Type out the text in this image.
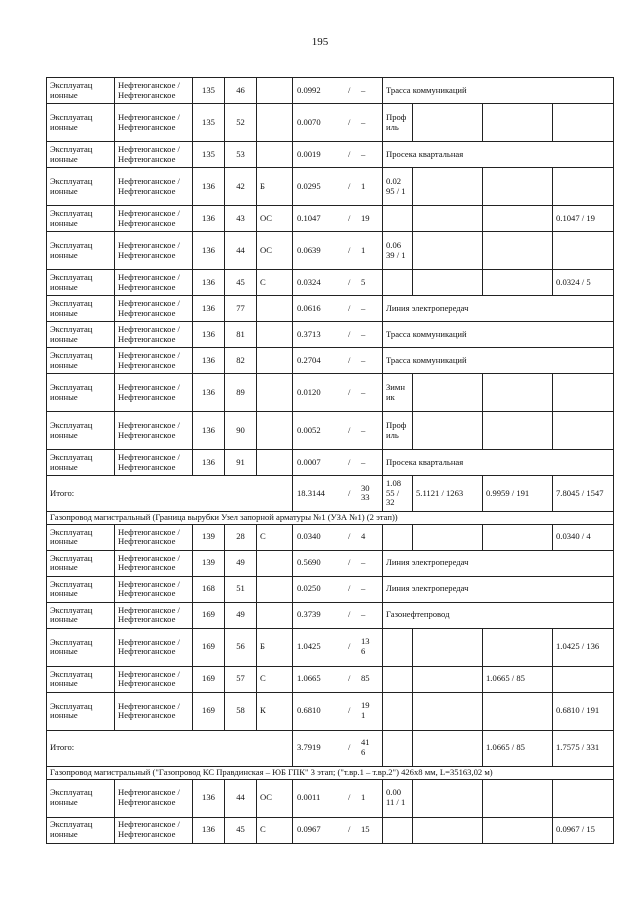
195
Эксплуатац ионные	Нефтеюганское / Нефтеюганское	135	46		0.0992 / –	Трасса коммуникаций			
Эксплуатац ионные	Нефтеюганское / Нефтеюганское	135	52		0.0070 / –	Профиль			
Эксплуатац ионные	Нефтеюганское / Нефтеюганское	135	53		0.0019 / –	Просека квартальная			
Эксплуатац ионные	Нефтеюганское / Нефтеюганское	136	42	Б	0.0295 / 1	0.02 95 / 1			
Эксплуатац ионные	Нефтеюганское / Нефтеюганское	136	43	ОС	0.1047 / 19				0.1047 / 19
Эксплуатац ионные	Нефтеюганское / Нефтеюганское	136	44	ОС	0.0639 / 1	0.06 39 / 1			
Эксплуатац ионные	Нефтеюганское / Нефтеюганское	136	45	С	0.0324 / 5				0.0324 / 5
Эксплуатац ионные	Нефтеюганское / Нефтеюганское	136	77		0.0616 / –	Линия электропередач			
Эксплуатац ионные	Нефтеюганское / Нефтеюганское	136	81		0.3713 / –	Трасса коммуникаций			
Эксплуатац ионные	Нефтеюганское / Нефтеюганское	136	82		0.2704 / –	Трасса коммуникаций			
Эксплуатац ионные	Нефтеюганское / Нефтеюганское	136	89		0.0120 / –	Зимник			
Эксплуатац ионные	Нефтеюганское / Нефтеюганское	136	90		0.0052 / –	Профиль			
Эксплуатац ионные	Нефтеюганское / Нефтеюганское	136	91		0.0007 / –	Просека квартальная			
Итого:					18.3144 / 30 33	1.08 55 / 32	5.1121 / 1263	0.9959 / 191	7.8045 / 1547
Газопровод магистральный (Граница вырубки Узел запорной арматуры №1 (УЗА №1) (2 этап))									
Эксплуатац ионные	Нефтеюганское / Нефтеюганское	139	28	С	0.0340 / 4				0.0340 / 4
Эксплуатац ионные	Нефтеюганское / Нефтеюганское	139	49		0.5690 / –	Линия электропередач			
Эксплуатац ионные	Нефтеюганское / Нефтеюганское	168	51		0.0250 / –	Линия электропередач			
Эксплуатац ионные	Нефтеюганское / Нефтеюганское	169	49		0.3739 / –	Газонефтепровод			
Эксплуатац ионные	Нефтеюганское / Нефтеюганское	169	56	Б	1.0425 / 13 6				1.0425 / 136
Эксплуатац ионные	Нефтеюганское / Нефтеюганское	169	57	С	1.0665 / 85			1.0665 / 85	
Эксплуатац ионные	Нефтеюганское / Нефтеюганское	169	58	К	0.6810 / 19 1				0.6810 / 191
Итого:					3.7919 / 41 6			1.0665 / 85	1.7575 / 331
Газопровод магистральный ("Газопровод КС Правдинская – ЮБ ГПК" 3 этап; ("т.вр.1 – т.вр.2") 426х8 мм, L=35163,02 м)									
Эксплуатац ионные	Нефтеюганское / Нефтеюганское	136	44	ОС	0.0011 / 1	0.00 11 / 1			
Эксплуатац ионные	Нефтеюганское / Нефтеюганское	136	45	С	0.0967 / 15				0.0967 / 15
